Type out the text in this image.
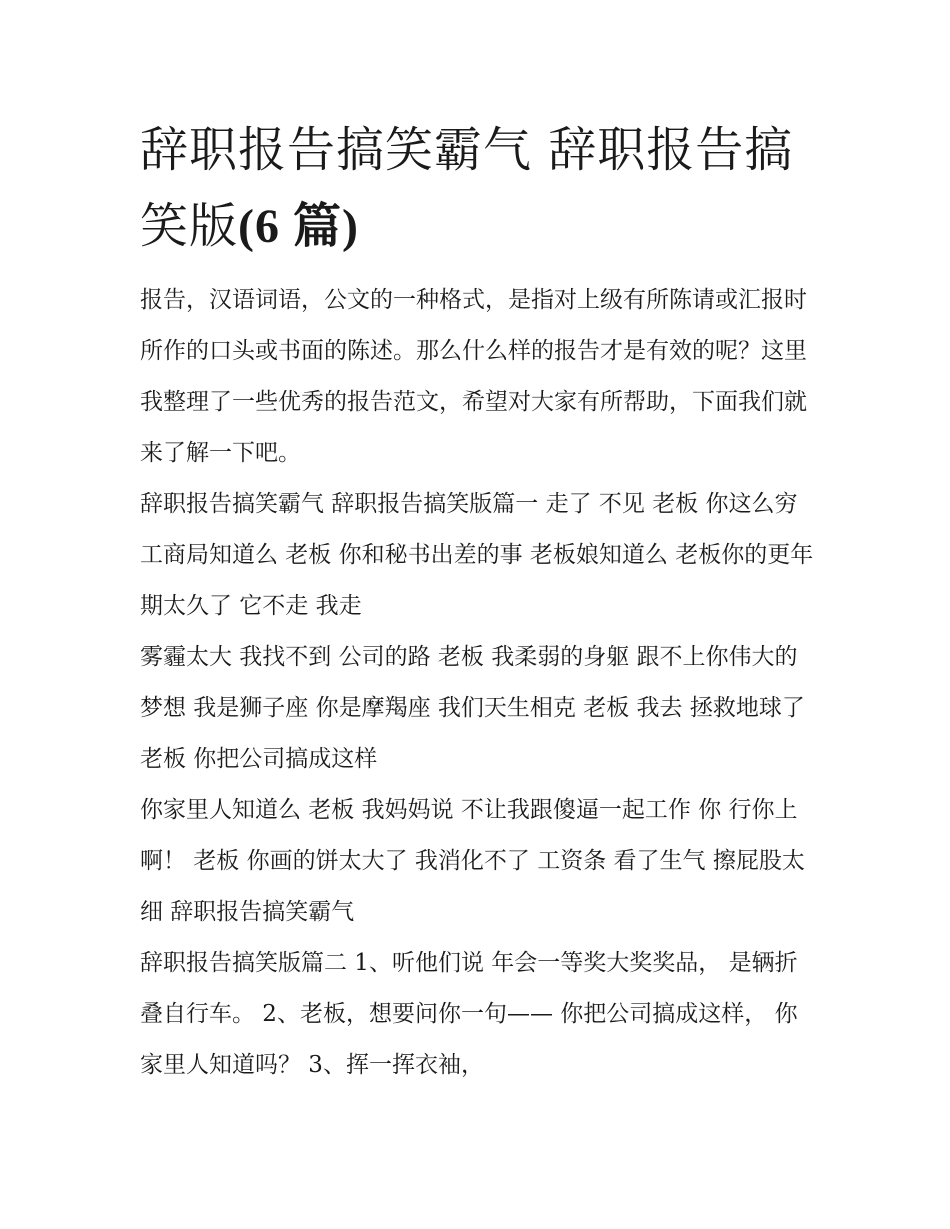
辞职报告搞笑霸气 辞职报告搞笑版(6 篇)

报告，汉语词语，公文的一种格式，是指对上级有所陈请或汇报时所作的口头或书面的陈述。那么什么样的报告才是有效的呢？这里我整理了一些优秀的报告范文，希望对大家有所帮助，下面我们就来了解一下吧。

辞职报告搞笑霸气 辞职报告搞笑版篇一 走了 不见 老板 你这么穷 工商局知道么 老板 你和秘书出差的事 老板娘知道么 老板你的更年期太久了 它不走 我走

雾霾太大 我找不到 公司的路 老板 我柔弱的身躯 跟不上你伟大的梦想 我是狮子座 你是摩羯座 我们天生相克 老板 我去 拯救地球了 老板 你把公司搞成这样

你家里人知道么 老板 我妈妈说 不让我跟傻逼一起工作 你 行你上啊！ 老板 你画的饼太大了 我消化不了 工资条 看了生气 擦屁股太细 辞职报告搞笑霸气

辞职报告搞笑版篇二 1、听他们说 年会一等奖大奖奖品， 是辆折叠自行车。 2、老板，想要问你一句—— 你把公司搞成这样， 你家里人知道吗？ 3、挥一挥衣袖，
